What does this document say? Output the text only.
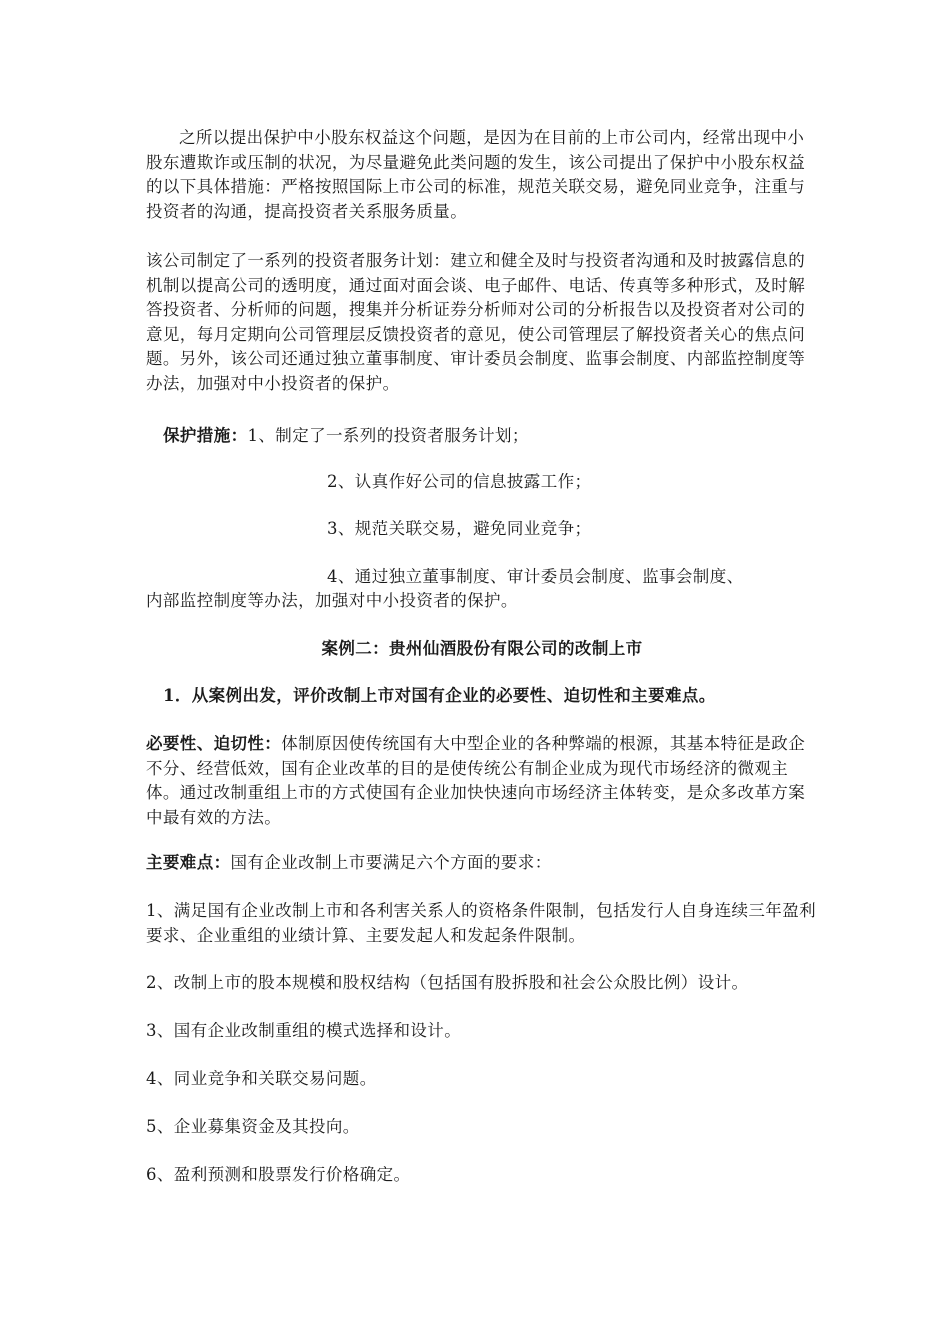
之所以提出保护中小股东权益这个问题，是因为在目前的上市公司内，经常出现中小股东遭欺诈或压制的状况，为尽量避免此类问题的发生，该公司提出了保护中小股东权益的以下具体措施：严格按照国际上市公司的标准，规范关联交易，避免同业竞争，注重与投资者的沟通，提高投资者关系服务质量。

该公司制定了一系列的投资者服务计划：建立和健全及时与投资者沟通和及时披露信息的机制以提高公司的透明度，通过面对面会谈、电子邮件、电话、传真等多种形式，及时解答投资者、分析师的问题，搜集并分析证券分析师对公司的分析报告以及投资者对公司的意见，每月定期向公司管理层反馈投资者的意见，使公司管理层了解投资者关心的焦点问题。另外，该公司还通过独立董事制度、审计委员会制度、监事会制度、内部监控制度等办法，加强对中小投资者的保护。

保护措施：1、制定了一系列的投资者服务计划；

2、认真作好公司的信息披露工作；

3、规范关联交易，避免同业竞争；

4、通过独立董事制度、审计委员会制度、监事会制度、

内部监控制度等办法，加强对中小投资者的保护。

案例二：贵州仙酒股份有限公司的改制上市

1．从案例出发，评价改制上市对国有企业的必要性、迫切性和主要难点。

必要性、迫切性：体制原因使传统国有大中型企业的各种弊端的根源，其基本特征是政企不分、经营低效，国有企业改革的目的是使传统公有制企业成为现代市场经济的微观主体。通过改制重组上市的方式使国有企业加快快速向市场经济主体转变，是众多改革方案中最有效的方法。

主要难点：国有企业改制上市要满足六个方面的要求：

1、满足国有企业改制上市和各利害关系人的资格条件限制，包括发行人自身连续三年盈利要求、企业重组的业绩计算、主要发起人和发起条件限制。

2、改制上市的股本规模和股权结构（包括国有股拆股和社会公众股比例）设计。

3、国有企业改制重组的模式选择和设计。

4、同业竞争和关联交易问题。

5、企业募集资金及其投向。

6、盈利预测和股票发行价格确定。
